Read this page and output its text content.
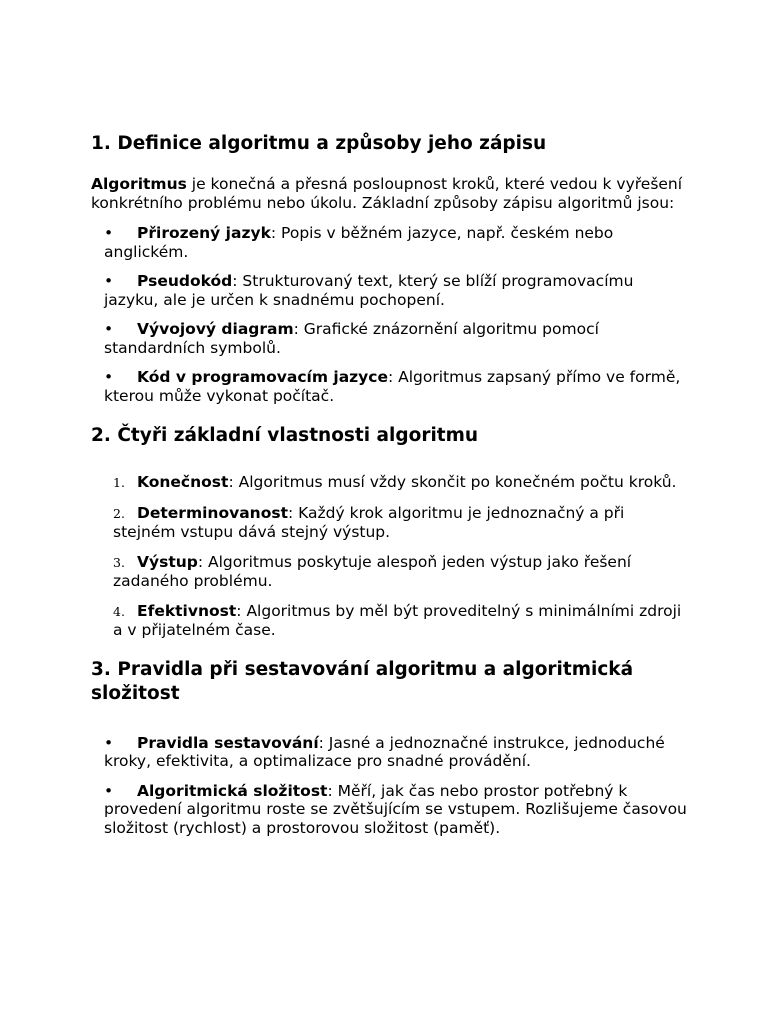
1. Definice algoritmu a způsoby jeho zápisu

Algoritmus je konečná a přesná posloupnost kroků, které vedou k vyřešení konkrétního problému nebo úkolu. Základní způsoby zápisu algoritmů jsou:

• Přirozený jazyk: Popis v běžném jazyce, např. českém nebo anglickém.
• Pseudokód: Strukturovaný text, který se blíží programovacímu jazyku, ale je určen k snadnému pochopení.
• Vývojový diagram: Grafické znázornění algoritmu pomocí standardních symbolů.
• Kód v programovacím jazyce: Algoritmus zapsaný přímo ve formě, kterou může vykonat počítač.
2. Čtyři základní vlastnosti algoritmu
1. Konečnost: Algoritmus musí vždy skončit po konečném počtu kroků.
2. Determinovanost: Každý krok algoritmu je jednoznačný a při stejném vstupu dává stejný výstup.
3. Výstup: Algoritmus poskytuje alespoň jeden výstup jako řešení zadaného problému.
4. Efektivnost: Algoritmus by měl být proveditelný s minimálními zdroji a v přijatelném čase.
3. Pravidla při sestavování algoritmu a algoritmická složitost
• Pravidla sestavování: Jasné a jednoznačné instrukce, jednoduché kroky, efektivita, a optimalizace pro snadné provádění.
• Algoritmická složitost: Měří, jak čas nebo prostor potřebný k provedení algoritmu roste se zvětšujícím se vstupem. Rozlišujeme časovou složitost (rychlost) a prostorovou složitost (paměť).
